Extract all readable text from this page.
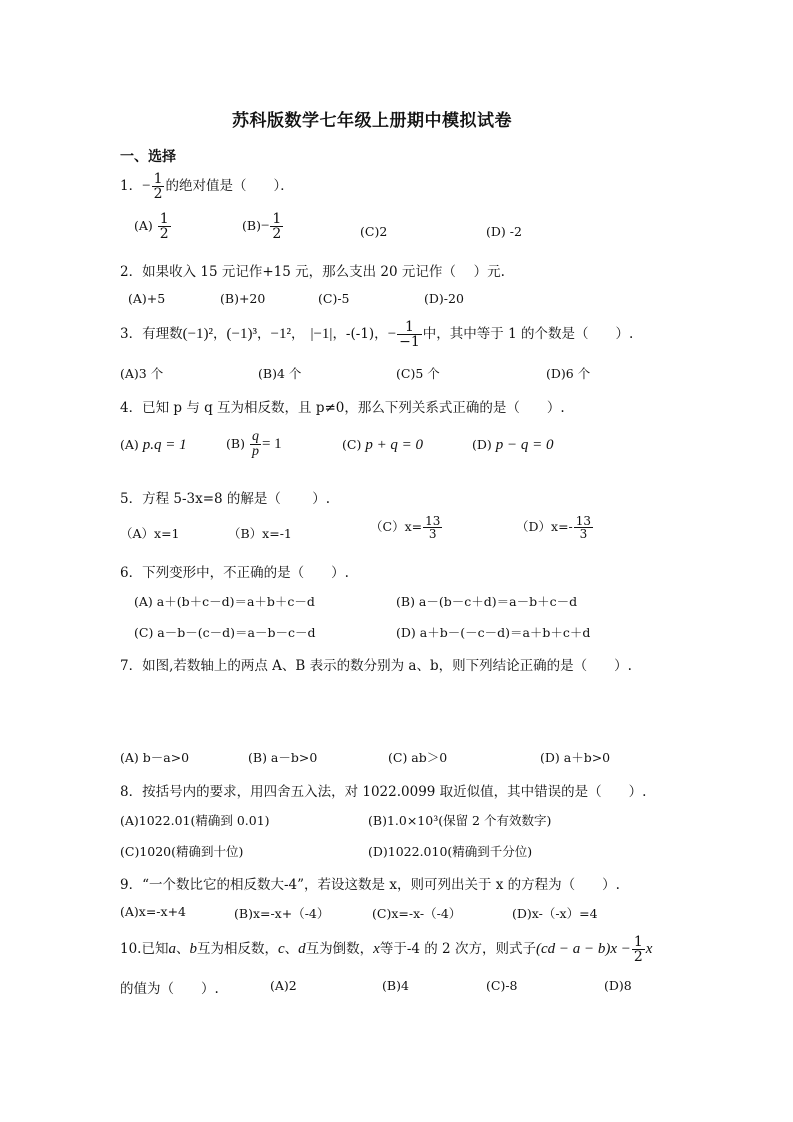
苏科版数学七年级上册期中模拟试卷
一、选择
1．− $\frac{1}{2}$ 的绝对值是（　　）．
$(A) \frac{1}{2}$	$(B)- \frac{1}{2}$	(C)2	(D) -2
2．如果收入 15 元记作+15 元，那么支出 20 元记作（　 ）元.
(A)+5	(B)+20	(C)-5	(D)-20
3．有理数(−1)²，(−1)³，−1²， |−1|，-(-1)，− $\frac{1}{-1}$ 中，其中等于 1 的个数是（　　）.
(A)3 个	(B)4 个	(C)5 个	(D)6 个
4．已知 p 与 q 互为相反数，且 p≠0，那么下列关系式正确的是（　　）.
(A) p.q = 1	$(B) \frac{q}{p} = 1$	(C) p + q = 0	(D) p − q = 0
5．方程 5-3x=8 的解是（　　 ）.
（A）x=1	（B）x=-1	$(C)x= \frac{13}{3}$	$(D)x=- \frac{13}{3}$
6．下列变形中，不正确的是（　　）.
(A) a＋(b＋c－d)＝a＋b＋c－d	(B) a－(b－c＋d)＝a－b＋c－d
(C) a－b－(c－d)＝a－b－c－d	(D) a＋b－(－c－d)＝a＋b＋c＋d
7．如图,若数轴上的两点 A、B 表示的数分别为 a、b，则下列结论正确的是（　　）.
(A) b－a>0	(B) a－b>0	(C) ab＞0	(D) a＋b>0
8．按括号内的要求，用四舍五入法，对 1022.0099 取近似值，其中错误的是（　　）.
(A)1022.01(精确到 0.01)	(B)1.0×10³(保留 2 个有效数字)
(C)1020(精确到十位)	(D)1022.010(精确到千分位)
9．“一个数比它的相反数大-4”，若设这数是 x，则可列出关于 x 的方程为（　　）.
(A)x=-x+4	(B)x=-x+（-4）	(C)x=-x-（-4）	(D)x-（-x）=4
10.已知a、b互为相反数，c、d互为倒数，x等于-4 的 2 次方，则式子$(cd - a - b)x - \frac{1}{2}$ x
的值为（　　）.	(A)2	(B)4	(C)-8	(D)8
